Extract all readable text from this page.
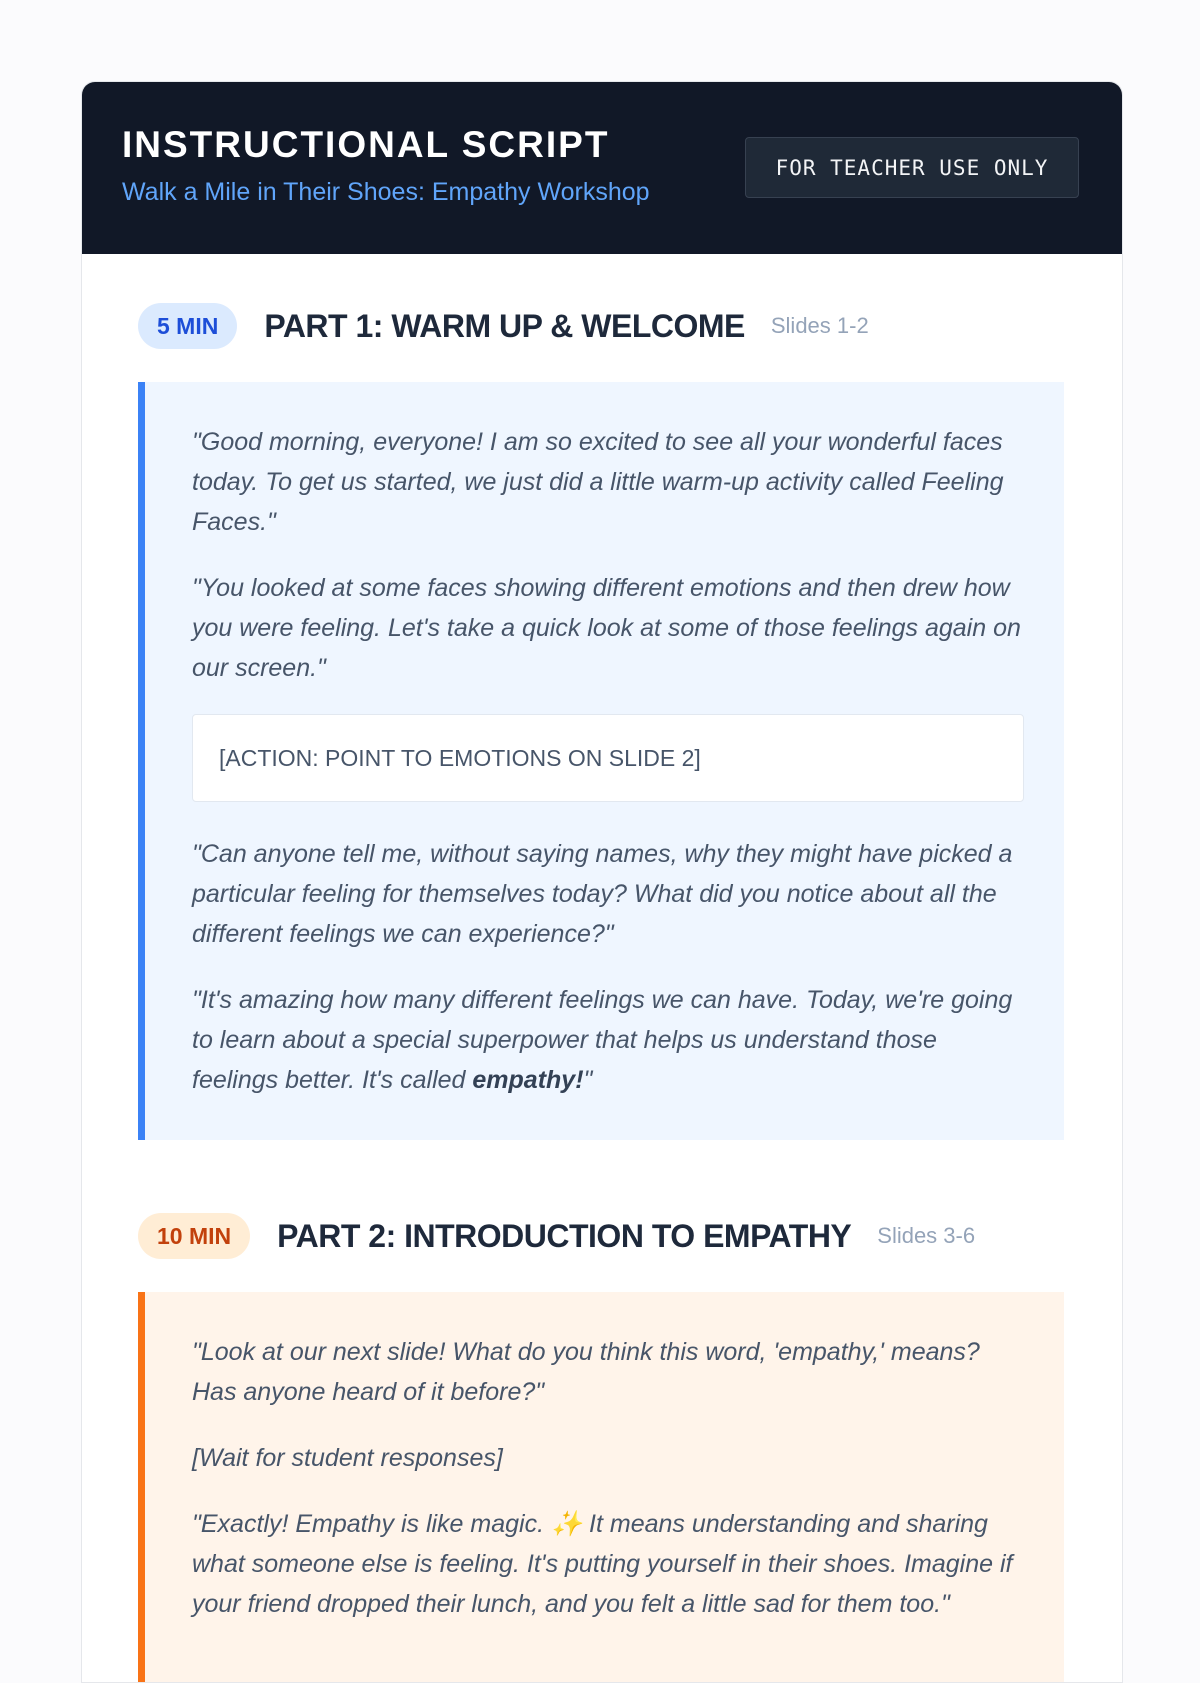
INSTRUCTIONAL SCRIPT
Walk a Mile in Their Shoes: Empathy Workshop
FOR TEACHER USE ONLY
5 MIN	PART 1: WARM UP & WELCOME Slides 1-2

"Good morning, everyone! I am so excited to see all your wonderful faces today. To get us started, we just did a little warm-up activity called Feeling Faces."

"You looked at some faces showing different emotions and then drew how you were feeling. Let's take a quick look at some of those feelings again on our screen."

[ACTION: POINT TO EMOTIONS ON SLIDE 2]

"Can anyone tell me, without saying names, why they might have picked a particular feeling for themselves today? What did you notice about all the different feelings we can experience?"

"It's amazing how many different feelings we can have. Today, we're going to learn about a special superpower that helps us understand those feelings better. It's called empathy!"

10 MIN	PART 2: INTRODUCTION TO EMPATHY Slides 3-6

"Look at our next slide! What do you think this word, 'empathy,' means? Has anyone heard of it before?"

[Wait for student responses]

"Exactly! Empathy is like magic. ✨ It means understanding and sharing what someone else is feeling. It's putting yourself in their shoes. Imagine if your friend dropped their lunch, and you felt a little sad for them too."
